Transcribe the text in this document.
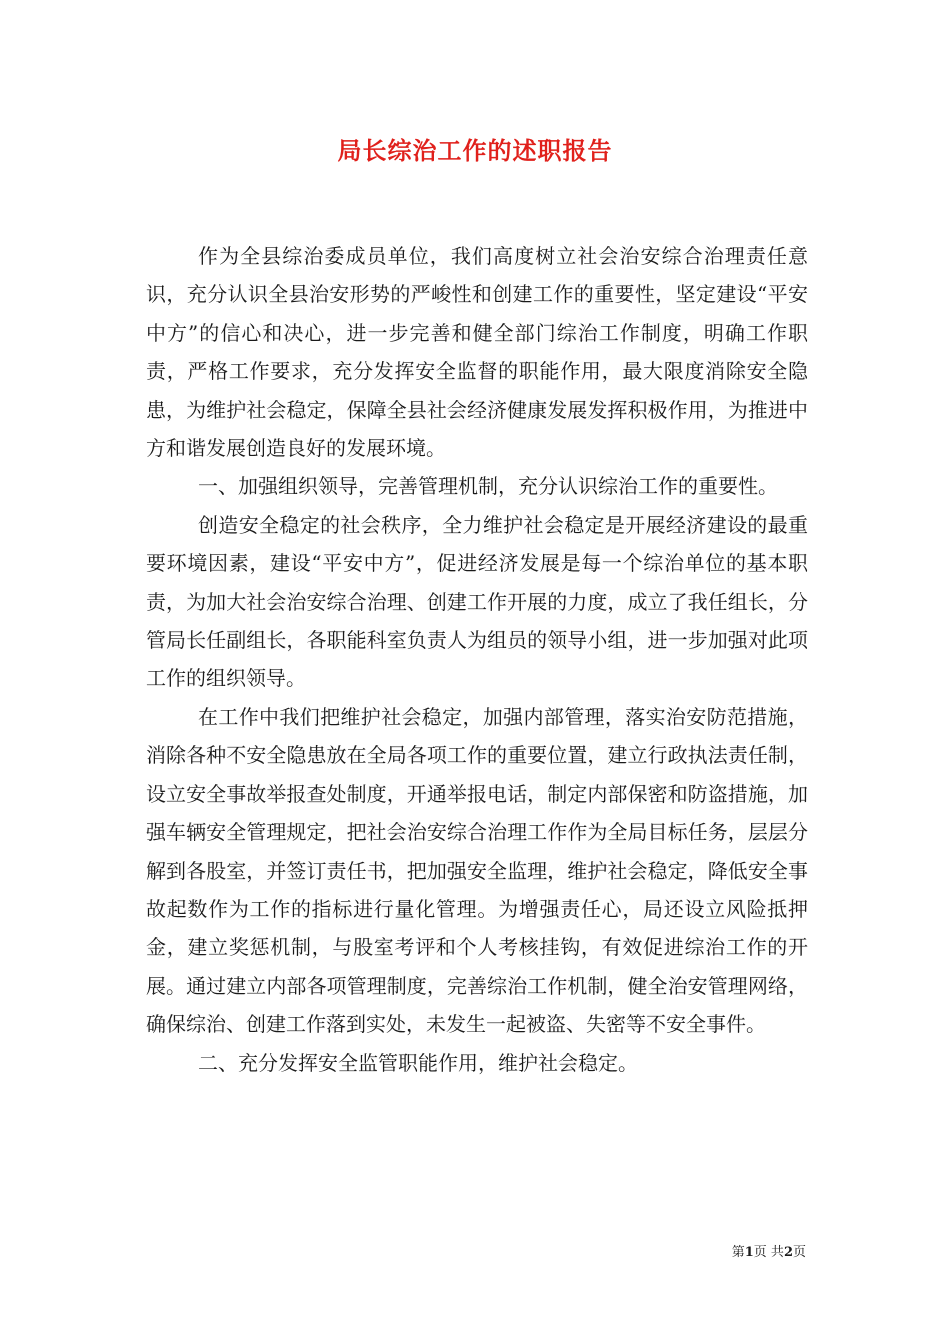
局长综治工作的述职报告

作为全县综治委成员单位，我们高度树立社会治安综合治理责任意识，充分认识全县治安形势的严峻性和创建工作的重要性，坚定建设“平安中方”的信心和决心，进一步完善和健全部门综治工作制度，明确工作职责，严格工作要求，充分发挥安全监督的职能作用，最大限度消除安全隐患，为维护社会稳定，保障全县社会经济健康发展发挥积极作用，为推进中方和谐发展创造良好的发展环境。

一、加强组织领导，完善管理机制，充分认识综治工作的重要性。

创造安全稳定的社会秩序，全力维护社会稳定是开展经济建设的最重要环境因素，建设“平安中方”，促进经济发展是每一个综治单位的基本职责，为加大社会治安综合治理、创建工作开展的力度，成立了我任组长，分管局长任副组长，各职能科室负责人为组员的领导小组，进一步加强对此项工作的组织领导。

在工作中我们把维护社会稳定，加强内部管理，落实治安防范措施，消除各种不安全隐患放在全局各项工作的重要位置，建立行政执法责任制，设立安全事故举报查处制度，开通举报电话，制定内部保密和防盗措施，加强车辆安全管理规定，把社会治安综合治理工作作为全局目标任务，层层分解到各股室，并签订责任书，把加强安全监理，维护社会稳定，降低安全事故起数作为工作的指标进行量化管理。为增强责任心，局还设立风险抵押金，建立奖惩机制，与股室考评和个人考核挂钩，有效促进综治工作的开展。通过建立内部各项管理制度，完善综治工作机制，健全治安管理网络，确保综治、创建工作落到实处，未发生一起被盗、失密等不安全事件。

二、充分发挥安全监管职能作用，维护社会稳定。

第1页 共2页
